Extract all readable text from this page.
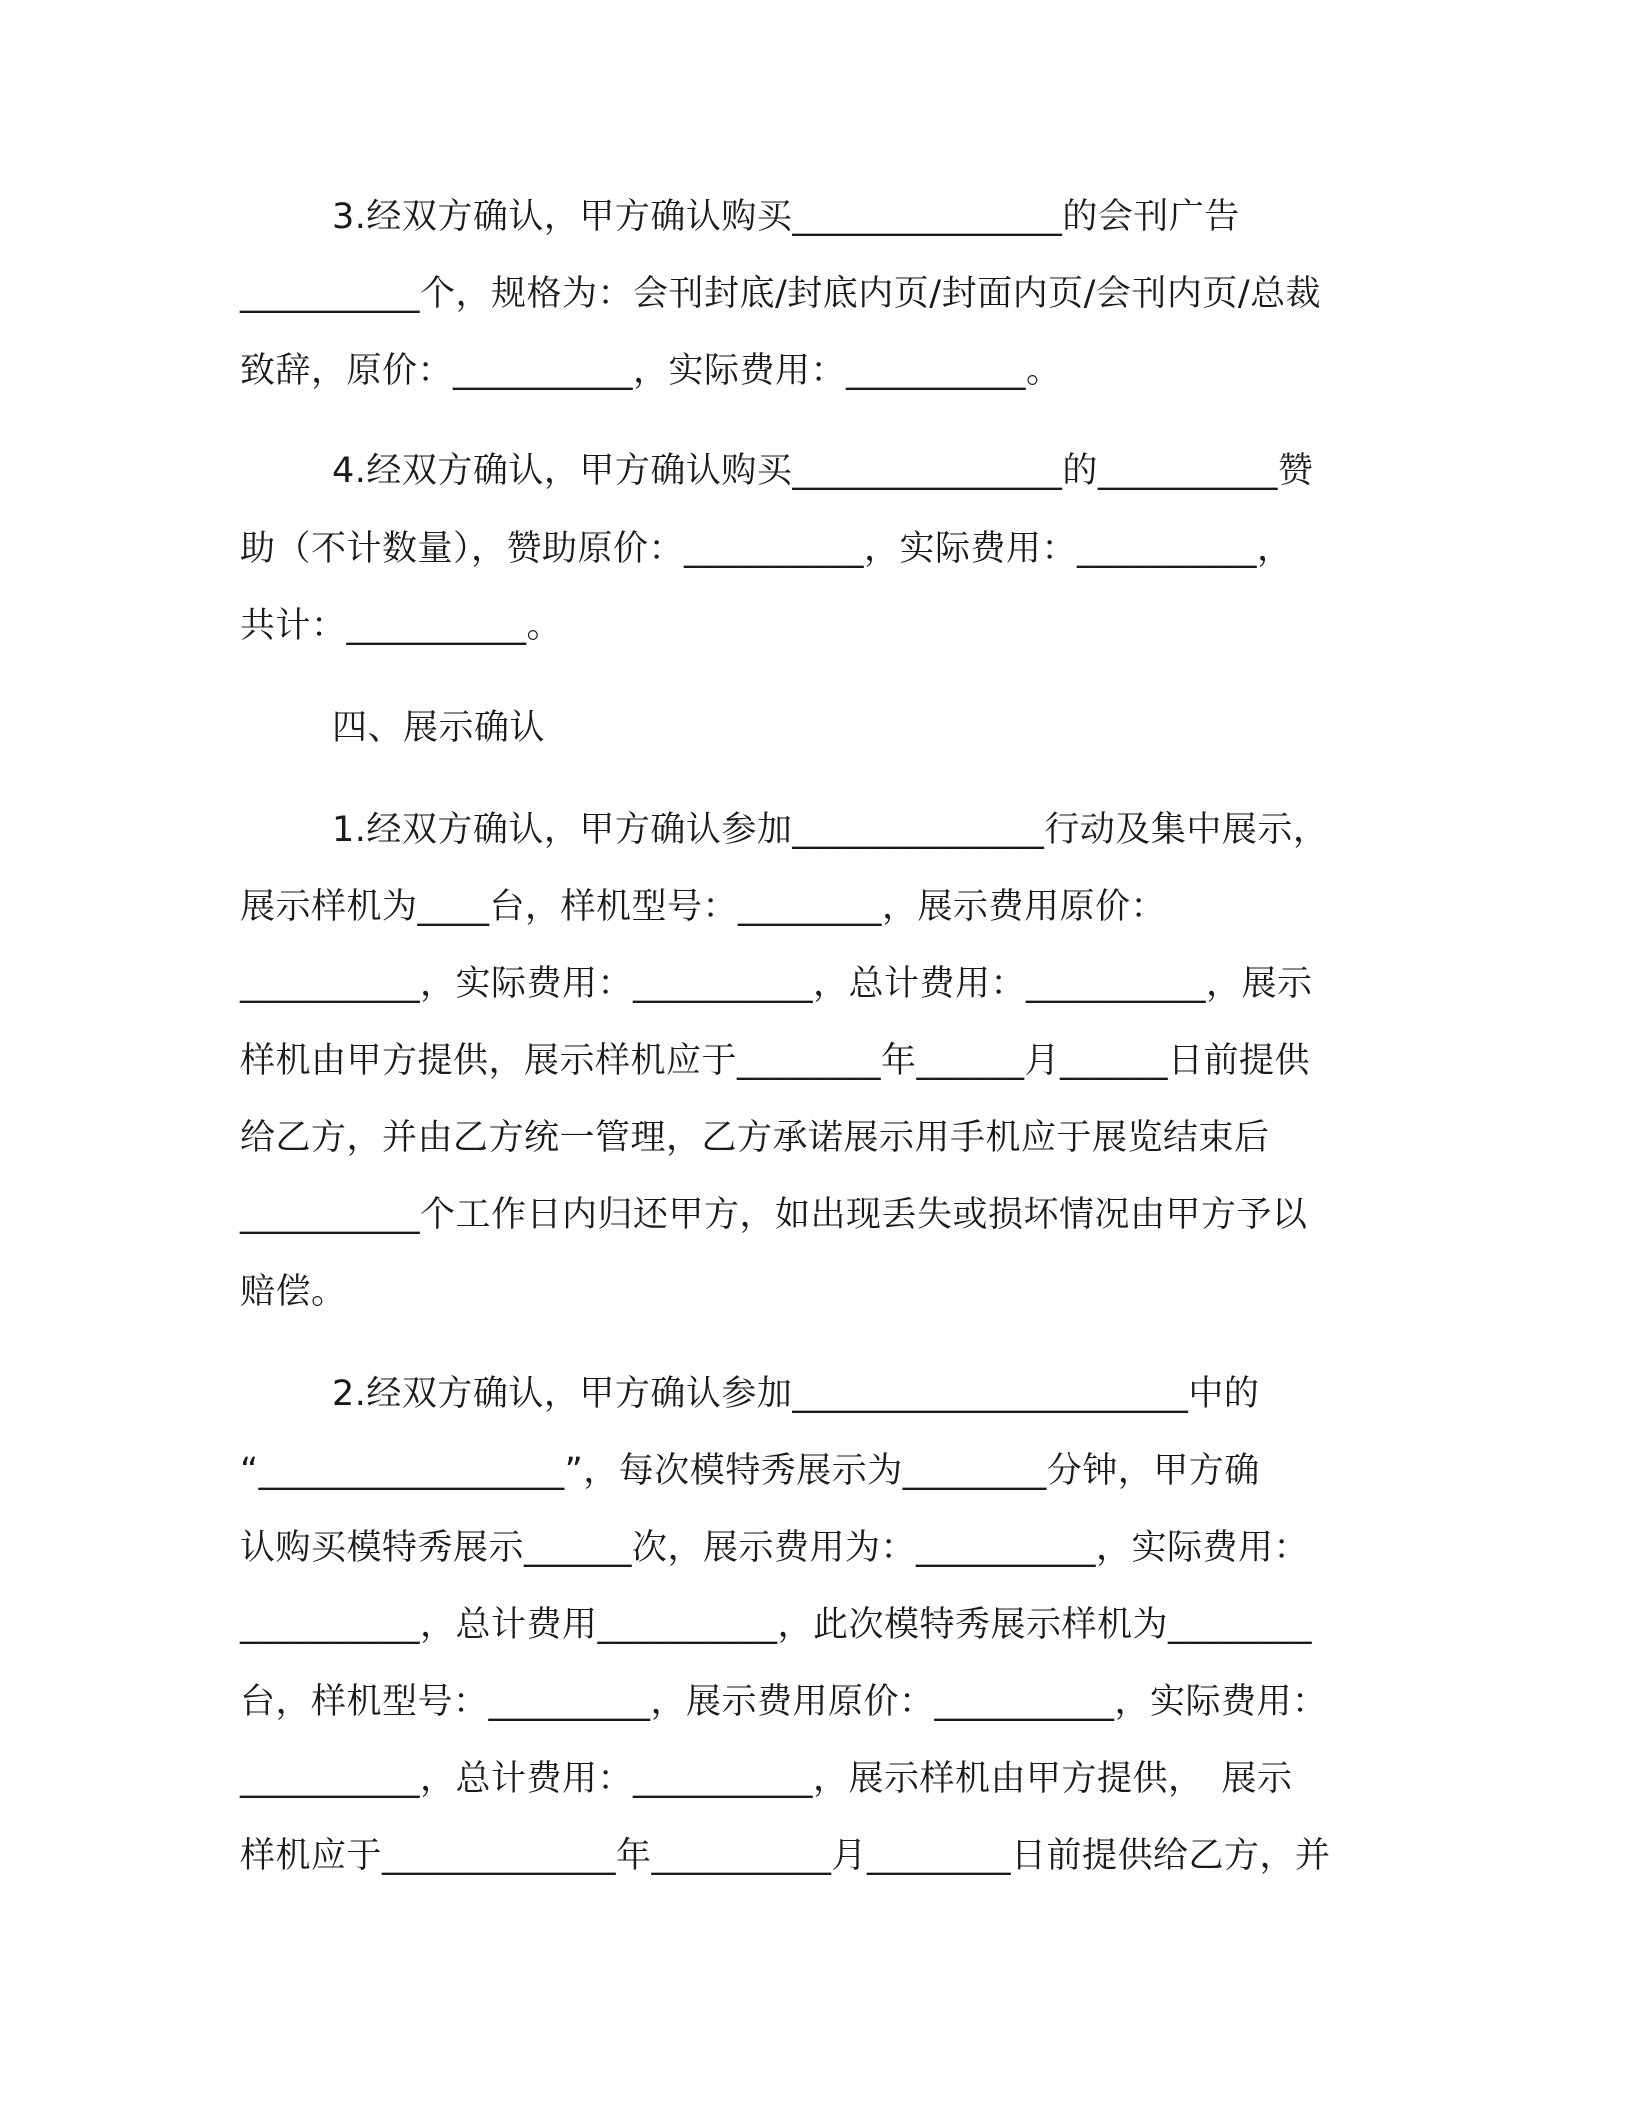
3.经双方确认，甲方确认购买_______________的会刊广告
__________个，规格为：会刊封底/封底内页/封面内页/会刊内页/总裁
致辞，原价：__________，实际费用：__________。
4.经双方确认，甲方确认购买_______________的__________赞
助（不计数量），赞助原价：__________，实际费用：__________，
共计：__________。
四、展示确认
1.经双方确认，甲方确认参加______________行动及集中展示，
展示样机为____台，样机型号：________，展示费用原价：
__________，实际费用：__________，总计费用：__________，展示
样机由甲方提供，展示样机应于________年______月______日前提供
给乙方，并由乙方统一管理，乙方承诺展示用手机应于展览结束后
__________个工作日内归还甲方，如出现丢失或损坏情况由甲方予以
赔偿。
2.经双方确认，甲方确认参加______________________中的
“_________________”，每次模特秀展示为________分钟，甲方确
认购买模特秀展示______次，展示费用为：__________，实际费用：
__________，总计费用__________，此次模特秀展示样机为________
台，样机型号：_________，展示费用原价：__________，实际费用：
__________，总计费用：__________，展示样机由甲方提供，　展示
样机应于_____________年__________月________日前提供给乙方，并
